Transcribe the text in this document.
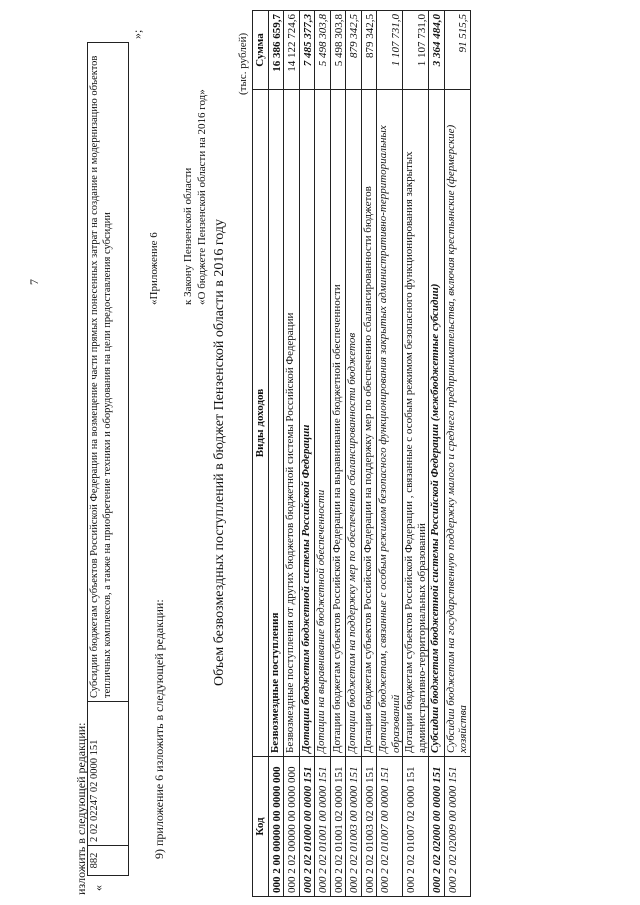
7
изложить в следующей редакции: «
882	2 02 02247 02 0000 151	Субсидии бюджетам субъектов Российской Федерации на возмещение части прямых понесенных затрат на создание и модернизацию объектов тепличных комплексов, а также на приобретение техники и оборудования на цели предоставления субсидии
»;
9) приложение 6 изложить в следующей редакции:
«Приложение 6 к Закону Пензенской области «О бюджете Пензенской области на 2016 год»
Объем безвозмездных поступлений в бюджет Пензенской области в 2016 году
(тыс. рублей)
Код	Виды доходов	Сумма
000 2 00 00000 00 0000 000	Безвозмездные поступления	16 386 659,7
000 2 02 00000 00 0000 000	Безвозмездные поступления от других бюджетов бюджетной системы Российской Федерации	14 122 724,6
000 2 02 01000 00 0000 151	Дотации бюджетам бюджетной системы Российской Федерации	7 485 377,3
000 2 02 01001 00 0000 151	Дотации на выравнивание бюджетной обеспеченности	5 498 303,8
000 2 02 01001 02 0000 151	Дотации бюджетам субъектов Российской Федерации на выравнивание бюджетной обеспеченности	5 498 303,8
000 2 02 01003 00 0000 151	Дотации бюджетам на поддержку мер по обеспечению сбалансированности бюджетов	879 342,5
000 2 02 01003 02 0000 151	Дотации бюджетам субъектов Российской Федерации на поддержку мер по обеспечению сбалансированности бюджетов	879 342,5
000 2 02 01007 00 0000 151	Дотации бюджетам, связанные с особым режимом безопасного функционирования закрытых административно-территориальных образований	1 107 731,0
000 2 02 01007 02 0000 151	Дотации бюджетам субъектов Российской Федерации , связанные с особым режимом безопасного функционирования закрытых административно-территориальных образований	1 107 731,0
000 2 02 02000 00 0000 151	Субсидии бюджетам бюджетной системы Российской Федерации (межбюджетные субсидии)	3 364 484,0
000 2 02 02009 00 0000 151	Субсидии бюджетам на государственную поддержку малого и среднего предпринимательства, включая крестьянские (фермерские) хозяйства	91 515,5
